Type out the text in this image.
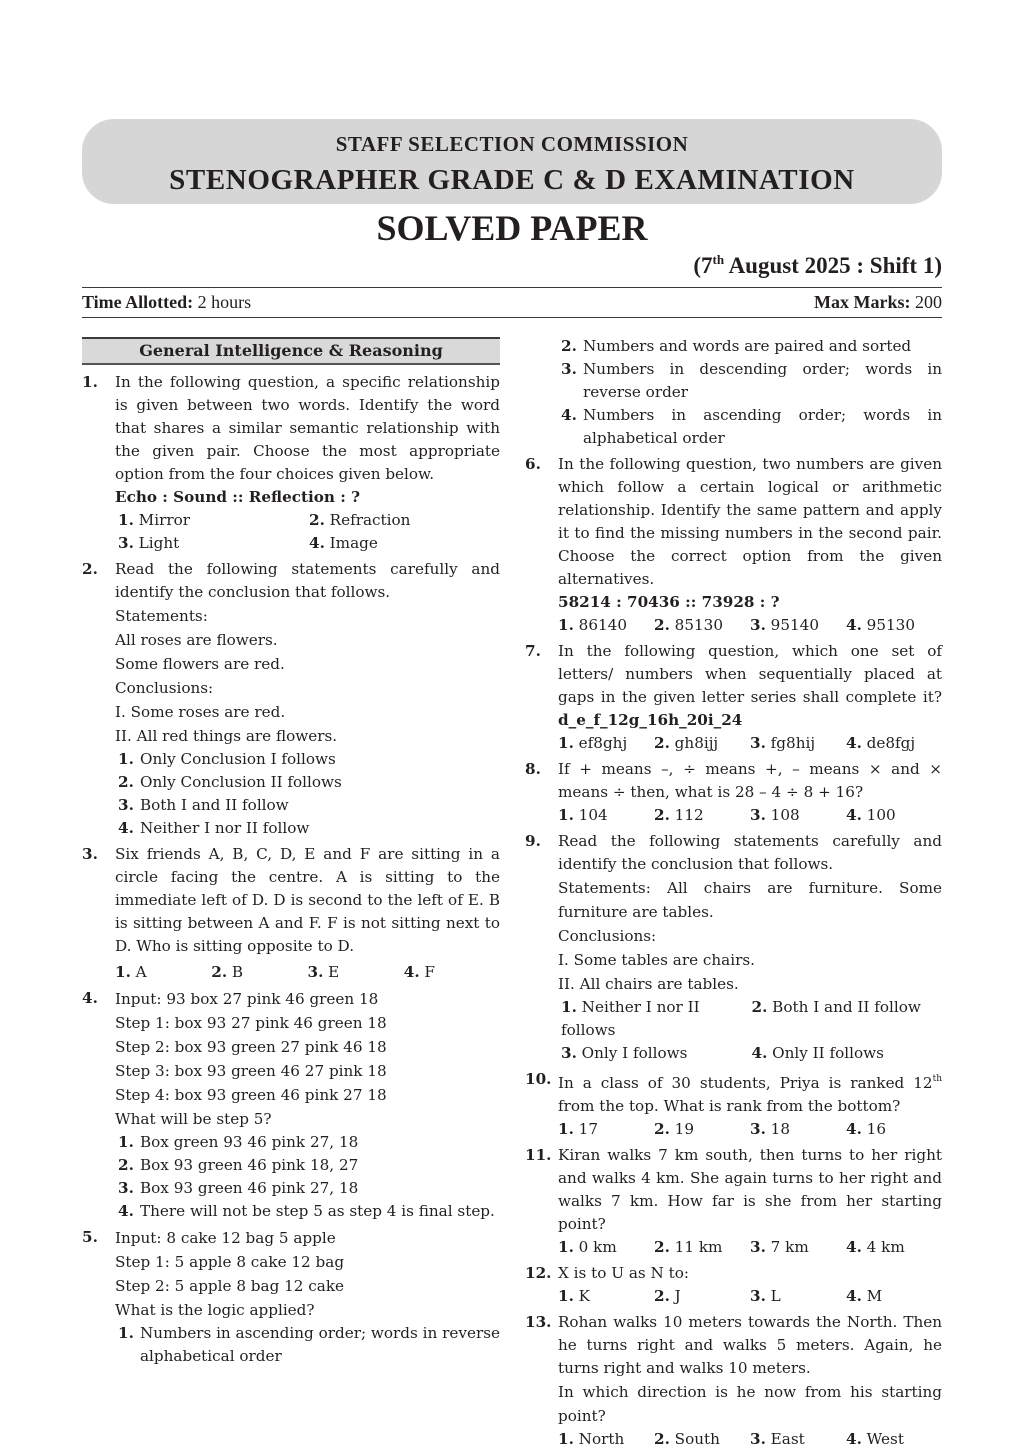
STAFF SELECTION COMMISSION
STENOGRAPHER GRADE C & D EXAMINATION
SOLVED PAPER
(7th August 2025 : Shift 1)
Time Allotted: 2 hours	Max Marks: 200
General Intelligence & Reasoning
1. In the following question, a specific relationship is given between two words. Identify the word that shares a similar semantic relationship with the given pair. Choose the most appropriate option from the four choices given below.

Echo : Sound :: Reflection : ?

1. Mirror	2. Refraction
3. Light	4. Image
2. Read the following statements carefully and identify the conclusion that follows.

Statements:

All roses are flowers.

Some flowers are red.

Conclusions:

I. Some roses are red.

II. All red things are flowers.

1. Only Conclusion I follows
2. Only Conclusion II follows
3. Both I and II follow
4. Neither I nor II follow
3. Six friends A, B, C, D, E and F are sitting in a circle facing the centre. A is sitting to the immediate left of D. D is second to the left of E. B is sitting between A and F. F is not sitting next to D. Who is sitting opposite to D.

1. A	2. B	3. E	4. F
4. Input: 93 box 27 pink 46 green 18

Step 1: box 93 27 pink 46 green 18

Step 2: box 93 green 27 pink 46 18

Step 3: box 93 green 46 27 pink 18

Step 4: box 93 green 46 pink 27 18

What will be step 5?

1. Box green 93 46 pink 27, 18
2. Box 93 green 46 pink 18, 27
3. Box 93 green 46 pink 27, 18
4. There will not be step 5 as step 4 is final step.
5. Input: 8 cake 12 bag 5 apple

Step 1: 5 apple 8 cake 12 bag

Step 2: 5 apple 8 bag 12 cake

What is the logic applied?

1. Numbers in ascending order; words in reverse alphabetical order
2. Numbers and words are paired and sorted
3. Numbers in descending order; words in reverse order
4. Numbers in ascending order; words in alphabetical order
6. In the following question, two numbers are given which follow a certain logical or arithmetic relationship. Identify the same pattern and apply it to find the missing numbers in the second pair. Choose the correct option from the given alternatives.

58214 : 70436 :: 73928 : ?

1. 86140	2. 85130	3. 95140	4. 95130
7. In the following question, which one set of letters/ numbers when sequentially placed at gaps in the given letter series shall complete it? d_e_f_12g_16h_20i_24

1. ef8ghj	2. gh8ijj	3. fg8hij	4. de8fgj
8. If + means –, ÷ means +, – means × and × means ÷ then, what is 28 – 4 ÷ 8 + 16?

1. 104	2. 112	3. 108	4. 100
9. Read the following statements carefully and identify the conclusion that follows.

Statements: All chairs are furniture. Some furniture are tables.

Conclusions:

I. Some tables are chairs.

II. All chairs are tables.

1. Neither I nor II follows
2. Both I and II follow
3. Only I follows	4. Only II follows
10. In a class of 30 students, Priya is ranked 12th from the top. What is rank from the bottom?

1. 17	2. 19	3. 18	4. 16
11. Kiran walks 7 km south, then turns to her right and walks 4 km. She again turns to her right and walks 7 km. How far is she from her starting point?

1. 0 km	2. 11 km	3. 7 km	4. 4 km
12. X is to U as N to:

1. K	2. J	3. L	4. M
13. Rohan walks 10 meters towards the North. Then he turns right and walks 5 meters. Again, he turns right and walks 10 meters.

In which direction is he now from his starting point?

1. North	2. South	3. East	4. West
